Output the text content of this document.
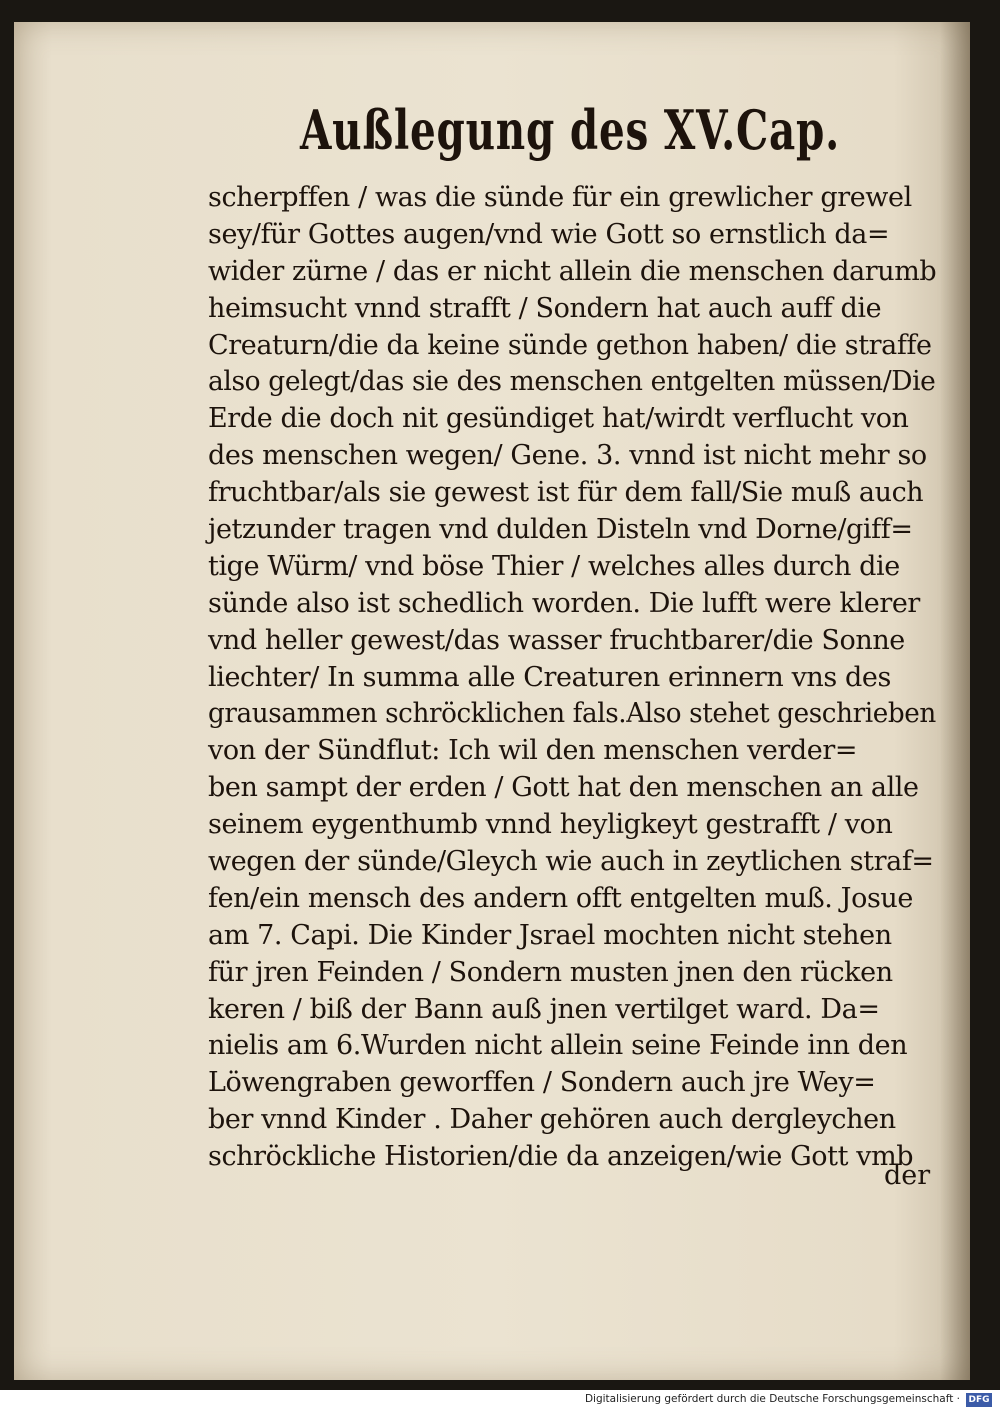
Außlegung des XV.Cap.
scherpffen / was die sünde für ein grewlicher grewel
sey/für Gottes augen/vnd wie Gott so ernstlich da=
wider zürne / das er nicht allein die menschen darumb
heimsucht vnnd strafft / Sondern hat auch auff die
Creaturn/die da keine sünde gethon haben/ die straffe
also gelegt/das sie des menschen entgelten müssen/Die
Erde die doch nit gesündiget hat/wirdt verflucht von
des menschen wegen/ Gene. 3. vnnd ist nicht mehr so
fruchtbar/als sie gewest ist für dem fall/Sie muß auch
jetzunder tragen vnd dulden Disteln vnd Dorne/giff=
tige Würm/ vnd böse Thier / welches alles durch die
sünde also ist schedlich worden. Die lufft were klerer
vnd heller gewest/das wasser fruchtbarer/die Sonne
liechter/ In summa alle Creaturen erinnern vns des
grausammen schröcklichen fals.Also stehet geschrieben
von der Sündflut: Ich wil den menschen verder=
ben sampt der erden / Gott hat den menschen an alle
seinem eygenthumb vnnd heyligkeyt gestrafft / von
wegen der sünde/Gleych wie auch in zeytlichen straf=
fen/ein mensch des andern offt entgelten muß. Josue
am 7. Capi. Die Kinder Jsrael mochten nicht stehen
für jren Feinden / Sondern musten jnen den rücken
keren / biß der Bann auß jnen vertilget ward. Da=
nielis am 6.Wurden nicht allein seine Feinde inn den
Löwengraben geworffen / Sondern auch jre Wey=
ber vnnd Kinder . Daher gehören auch dergleychen
schröckliche Historien/die da anzeigen/wie Gott vmb
der
Digitalisierung gefördert durch die Deutsche Forschungsgemeinschaft · DFG
